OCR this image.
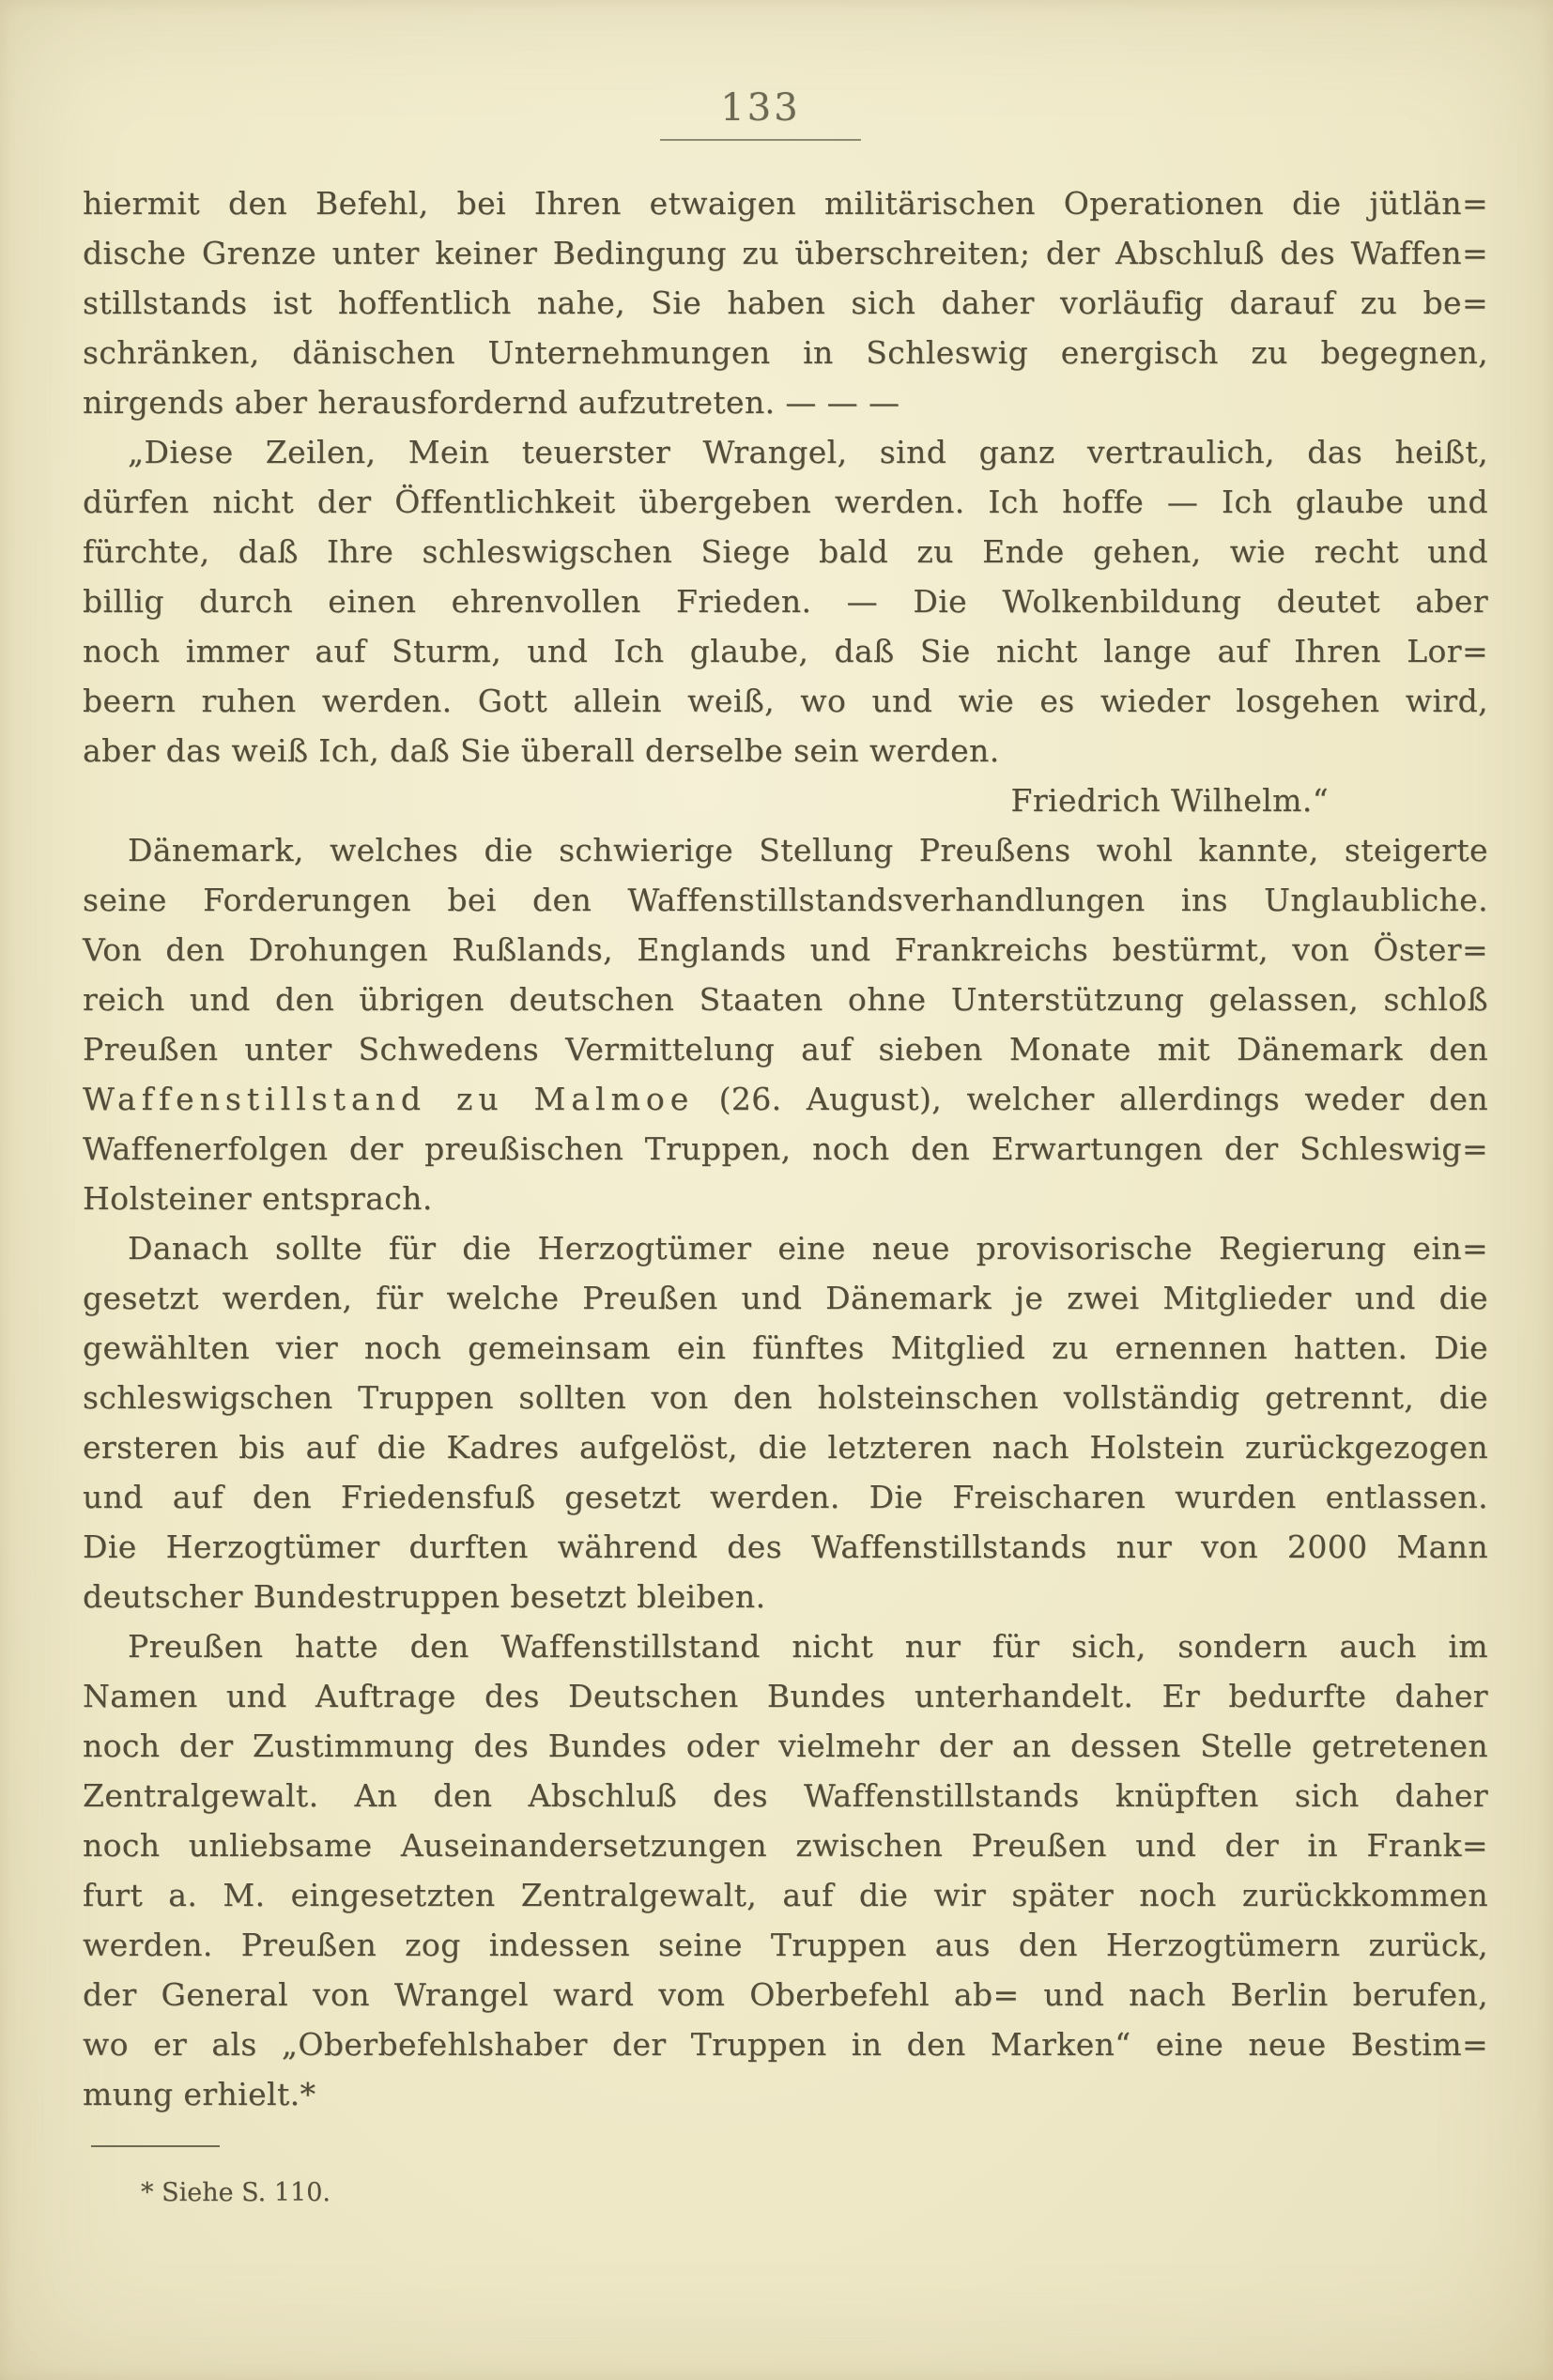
133
hiermit den Befehl, bei Ihren etwaigen militärischen Operationen die jütlän=
dische Grenze unter keiner Bedingung zu überschreiten; der Abschluß des Waffen=
stillstands ist hoffentlich nahe, Sie haben sich daher vorläufig darauf zu be=
schränken, dänischen Unternehmungen in Schleswig energisch zu begegnen,
nirgends aber herausfordernd aufzutreten. — — —
„Diese Zeilen, Mein teuerster Wrangel, sind ganz vertraulich, das heißt,
dürfen nicht der Öffentlichkeit übergeben werden. Ich hoffe — Ich glaube und
fürchte, daß Ihre schleswigschen Siege bald zu Ende gehen, wie recht und
billig durch einen ehrenvollen Frieden. — Die Wolkenbildung deutet aber
noch immer auf Sturm, und Ich glaube, daß Sie nicht lange auf Ihren Lor=
beern ruhen werden. Gott allein weiß, wo und wie es wieder losgehen wird,
aber das weiß Ich, daß Sie überall derselbe sein werden.
Friedrich Wilhelm.“
Dänemark, welches die schwierige Stellung Preußens wohl kannte, steigerte
seine Forderungen bei den Waffenstillstandsverhandlungen ins Unglaubliche.
Von den Drohungen Rußlands, Englands und Frankreichs bestürmt, von Öster=
reich und den übrigen deutschen Staaten ohne Unterstützung gelassen, schloß
Preußen unter Schwedens Vermittelung auf sieben Monate mit Dänemark den
Waffenstillstand zu Malmoe (26. August), welcher allerdings weder den
Waffenerfolgen der preußischen Truppen, noch den Erwartungen der Schleswig=
Holsteiner entsprach.
Danach sollte für die Herzogtümer eine neue provisorische Regierung ein=
gesetzt werden, für welche Preußen und Dänemark je zwei Mitglieder und die
gewählten vier noch gemeinsam ein fünftes Mitglied zu ernennen hatten. Die
schleswigschen Truppen sollten von den holsteinschen vollständig getrennt, die
ersteren bis auf die Kadres aufgelöst, die letzteren nach Holstein zurückgezogen
und auf den Friedensfuß gesetzt werden. Die Freischaren wurden entlassen.
Die Herzogtümer durften während des Waffenstillstands nur von 2000 Mann
deutscher Bundestruppen besetzt bleiben.
Preußen hatte den Waffenstillstand nicht nur für sich, sondern auch im
Namen und Auftrage des Deutschen Bundes unterhandelt. Er bedurfte daher
noch der Zustimmung des Bundes oder vielmehr der an dessen Stelle getretenen
Zentralgewalt. An den Abschluß des Waffenstillstands knüpften sich daher
noch unliebsame Auseinandersetzungen zwischen Preußen und der in Frank=
furt a. M. eingesetzten Zentralgewalt, auf die wir später noch zurückkommen
werden. Preußen zog indessen seine Truppen aus den Herzogtümern zurück,
der General von Wrangel ward vom Oberbefehl ab= und nach Berlin berufen,
wo er als „Oberbefehlshaber der Truppen in den Marken“ eine neue Bestim=
mung erhielt.*
* Siehe S. 110.
